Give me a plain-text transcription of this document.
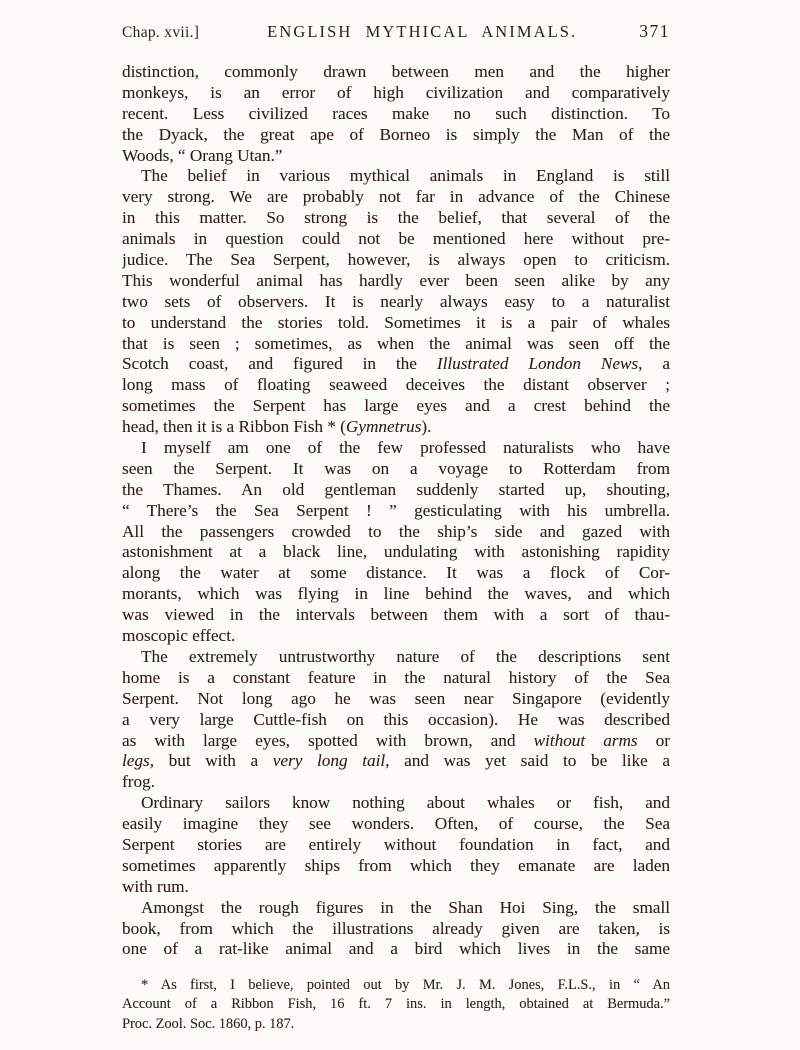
Chap. xvii.]	ENGLISH MYTHICAL ANIMALS.	371

distinction, commonly drawn between men and the higher
monkeys, is an error of high civilization and comparatively
recent. Less civilized races make no such distinction. To
the Dyack, the great ape of Borneo is simply the Man of the
Woods, “ Orang Utan.”

The belief in various mythical animals in England is still
very strong. We are probably not far in advance of the Chinese
in this matter. So strong is the belief, that several of the
animals in question could not be mentioned here without pre-
judice. The Sea Serpent, however, is always open to criticism.
This wonderful animal has hardly ever been seen alike by any
two sets of observers. It is nearly always easy to a naturalist
to understand the stories told. Sometimes it is a pair of whales
that is seen ; sometimes, as when the animal was seen off the
Scotch coast, and figured in the Illustrated London News, a
long mass of floating seaweed deceives the distant observer ;
sometimes the Serpent has large eyes and a crest behind the
head, then it is a Ribbon Fish * (Gymnetrus).

I myself am one of the few professed naturalists who have
seen the Serpent. It was on a voyage to Rotterdam from
the Thames. An old gentleman suddenly started up, shouting,
“ There’s the Sea Serpent ! ” gesticulating with his umbrella.
All the passengers crowded to the ship’s side and gazed with
astonishment at a black line, undulating with astonishing rapidity
along the water at some distance. It was a flock of Cor-
morants, which was flying in line behind the waves, and which
was viewed in the intervals between them with a sort of thau-
moscopic effect.

The extremely untrustworthy nature of the descriptions sent
home is a constant feature in the natural history of the Sea
Serpent. Not long ago he was seen near Singapore (evidently
a very large Cuttle-fish on this occasion). He was described
as with large eyes, spotted with brown, and without arms or
legs, but with a very long tail, and was yet said to be like a
frog.

Ordinary sailors know nothing about whales or fish, and
easily imagine they see wonders. Often, of course, the Sea
Serpent stories are entirely without foundation in fact, and
sometimes apparently ships from which they emanate are laden
with rum.

Amongst the rough figures in the Shan Hoi Sing, the small
book, from which the illustrations already given are taken, is
one of a rat-like animal and a bird which lives in the same

* As first, I believe, pointed out by Mr. J. M. Jones, F.L.S., in “ An
Account of a Ribbon Fish, 16 ft. 7 ins. in length, obtained at Bermuda.”
Proc. Zool. Soc. 1860, p. 187.
